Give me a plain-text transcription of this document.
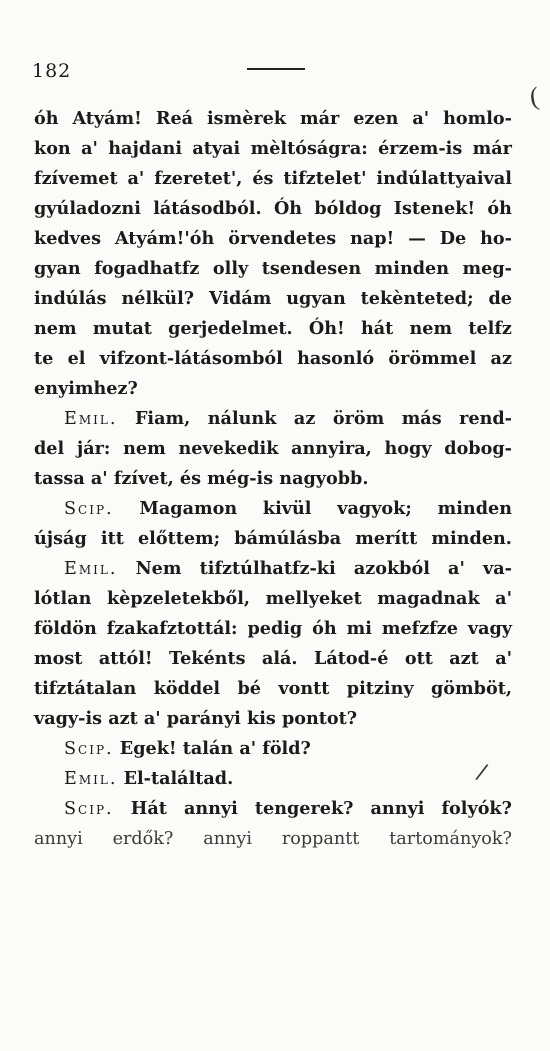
182
(
/
óh Atyám! Reá ismèrek már ezen a' homlo-
kon a' hajdani atyai mèltóságra: érzem-is már
fzívemet a' fzeretet', és tifztelet' indúlattyaival
gyúladozni látásodból. Óh bóldog Istenek! óh
kedves Atyám!'óh örvendetes nap! — De ho-
gyan fogadhatfz olly tsendesen minden meg-
indúlás nélkül? Vidám ugyan tekènteted; de
nem mutat gerjedelmet. Óh! hát nem telfz
te el vifzont-látásomból hasonló örömmel az
enyimhez?
Emil. Fiam, nálunk az öröm más rend-
del jár: nem nevekedik annyira, hogy dobog-
tassa
a'
fzívet,
és
még-is
nagyobb.
Scip. Magamon kivül vagyok; minden
újság itt előttem; bámúlásba merítt minden.
Emil. Nem tifztúlhatfz-ki azokból a' va-
lótlan kèpzeletekből, mellyeket magadnak a'
földön fzakafztottál: pedig óh mi mefzfze vagy
most attól! Tekénts alá. Látod-é ott azt a'
tifztátalan köddel bé vontt pitziny gömböt,
vagy-is
azt
a'
parányi
kis
pontot?
Scip.
Egek!
talán
a'
föld?
Emil.
El-találtad.
Scip. Hát annyi tengerek? annyi folyók?
annyi erdők? annyi roppantt tartományok?
